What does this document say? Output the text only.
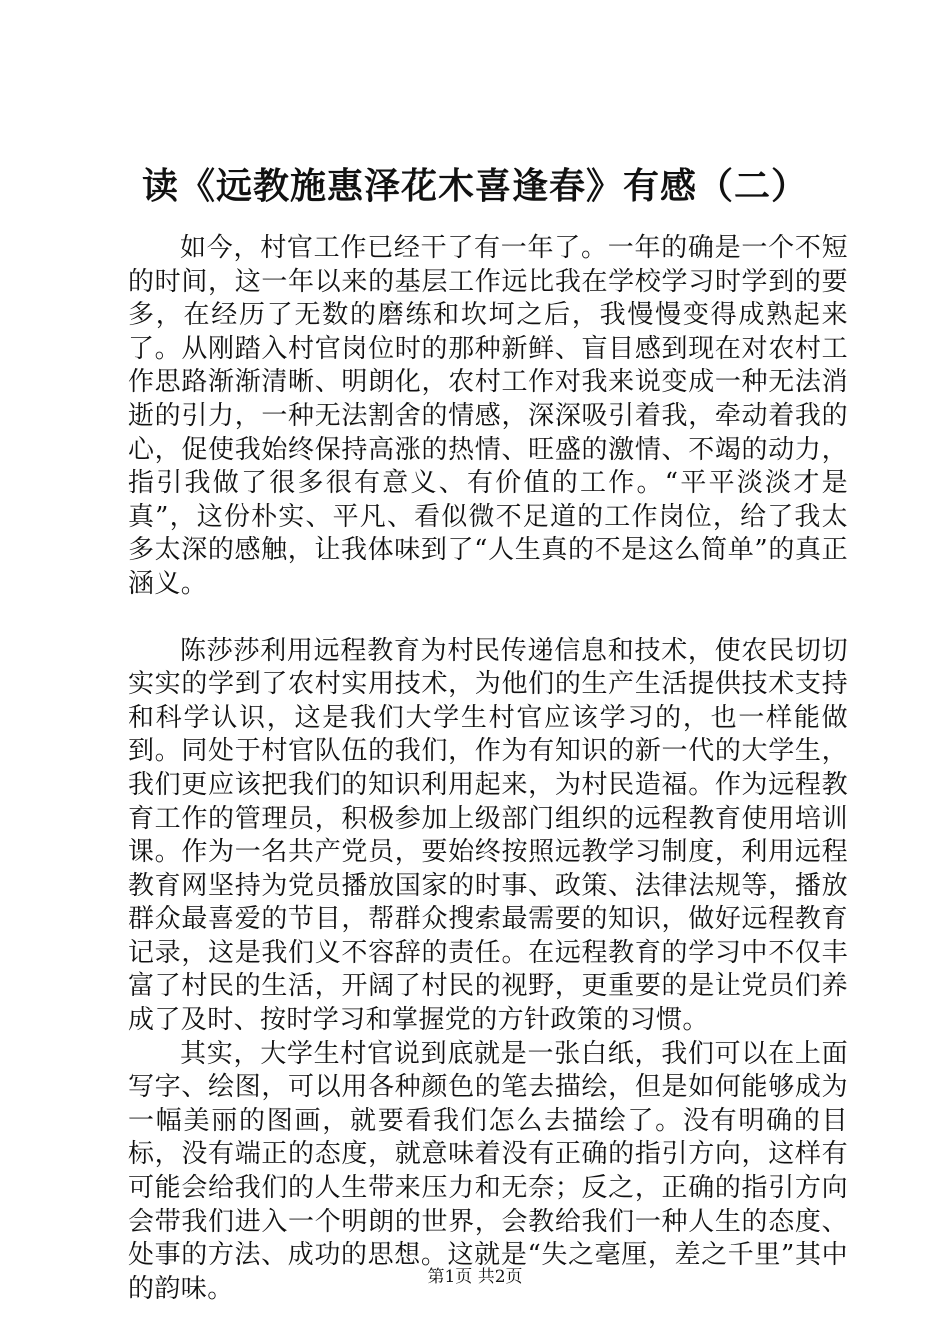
读《远教施惠泽花木喜逢春》有感（二）

如今，村官工作已经干了有一年了。一年的确是一个不短的时间，这一年以来的基层工作远比我在学校学习时学到的要多，在经历了无数的磨练和坎坷之后，我慢慢变得成熟起来了。从刚踏入村官岗位时的那种新鲜、盲目感到现在对农村工作思路渐渐清晰、明朗化，农村工作对我来说变成一种无法消逝的引力，一种无法割舍的情感，深深吸引着我，牵动着我的心，促使我始终保持高涨的热情、旺盛的激情、不竭的动力，指引我做了很多很有意义、有价值的工作。“平平淡淡才是真”，这份朴实、平凡、看似微不足道的工作岗位，给了我太多太深的感触，让我体味到了“人生真的不是这么简单”的真正涵义。

陈莎莎利用远程教育为村民传递信息和技术，使农民切切实实的学到了农村实用技术，为他们的生产生活提供技术支持和科学认识，这是我们大学生村官应该学习的，也一样能做到。同处于村官队伍的我们，作为有知识的新一代的大学生，我们更应该把我们的知识利用起来，为村民造福。作为远程教育工作的管理员，积极参加上级部门组织的远程教育使用培训课。作为一名共产党员，要始终按照远教学习制度，利用远程教育网坚持为党员播放国家的时事、政策、法律法规等，播放群众最喜爱的节目，帮群众搜索最需要的知识，做好远程教育记录，这是我们义不容辞的责任。在远程教育的学习中不仅丰富了村民的生活，开阔了村民的视野，更重要的是让党员们养成了及时、按时学习和掌握党的方针政策的习惯。

其实，大学生村官说到底就是一张白纸，我们可以在上面写字、绘图，可以用各种颜色的笔去描绘，但是如何能够成为一幅美丽的图画，就要看我们怎么去描绘了。没有明确的目标，没有端正的态度，就意味着没有正确的指引方向，这样有可能会给我们的人生带来压力和无奈；反之，正确的指引方向会带我们进入一个明朗的世界，会教给我们一种人生的态度、处事的方法、成功的思想。这就是“失之毫厘，差之千里”其中的韵味。	第1页 共2页
